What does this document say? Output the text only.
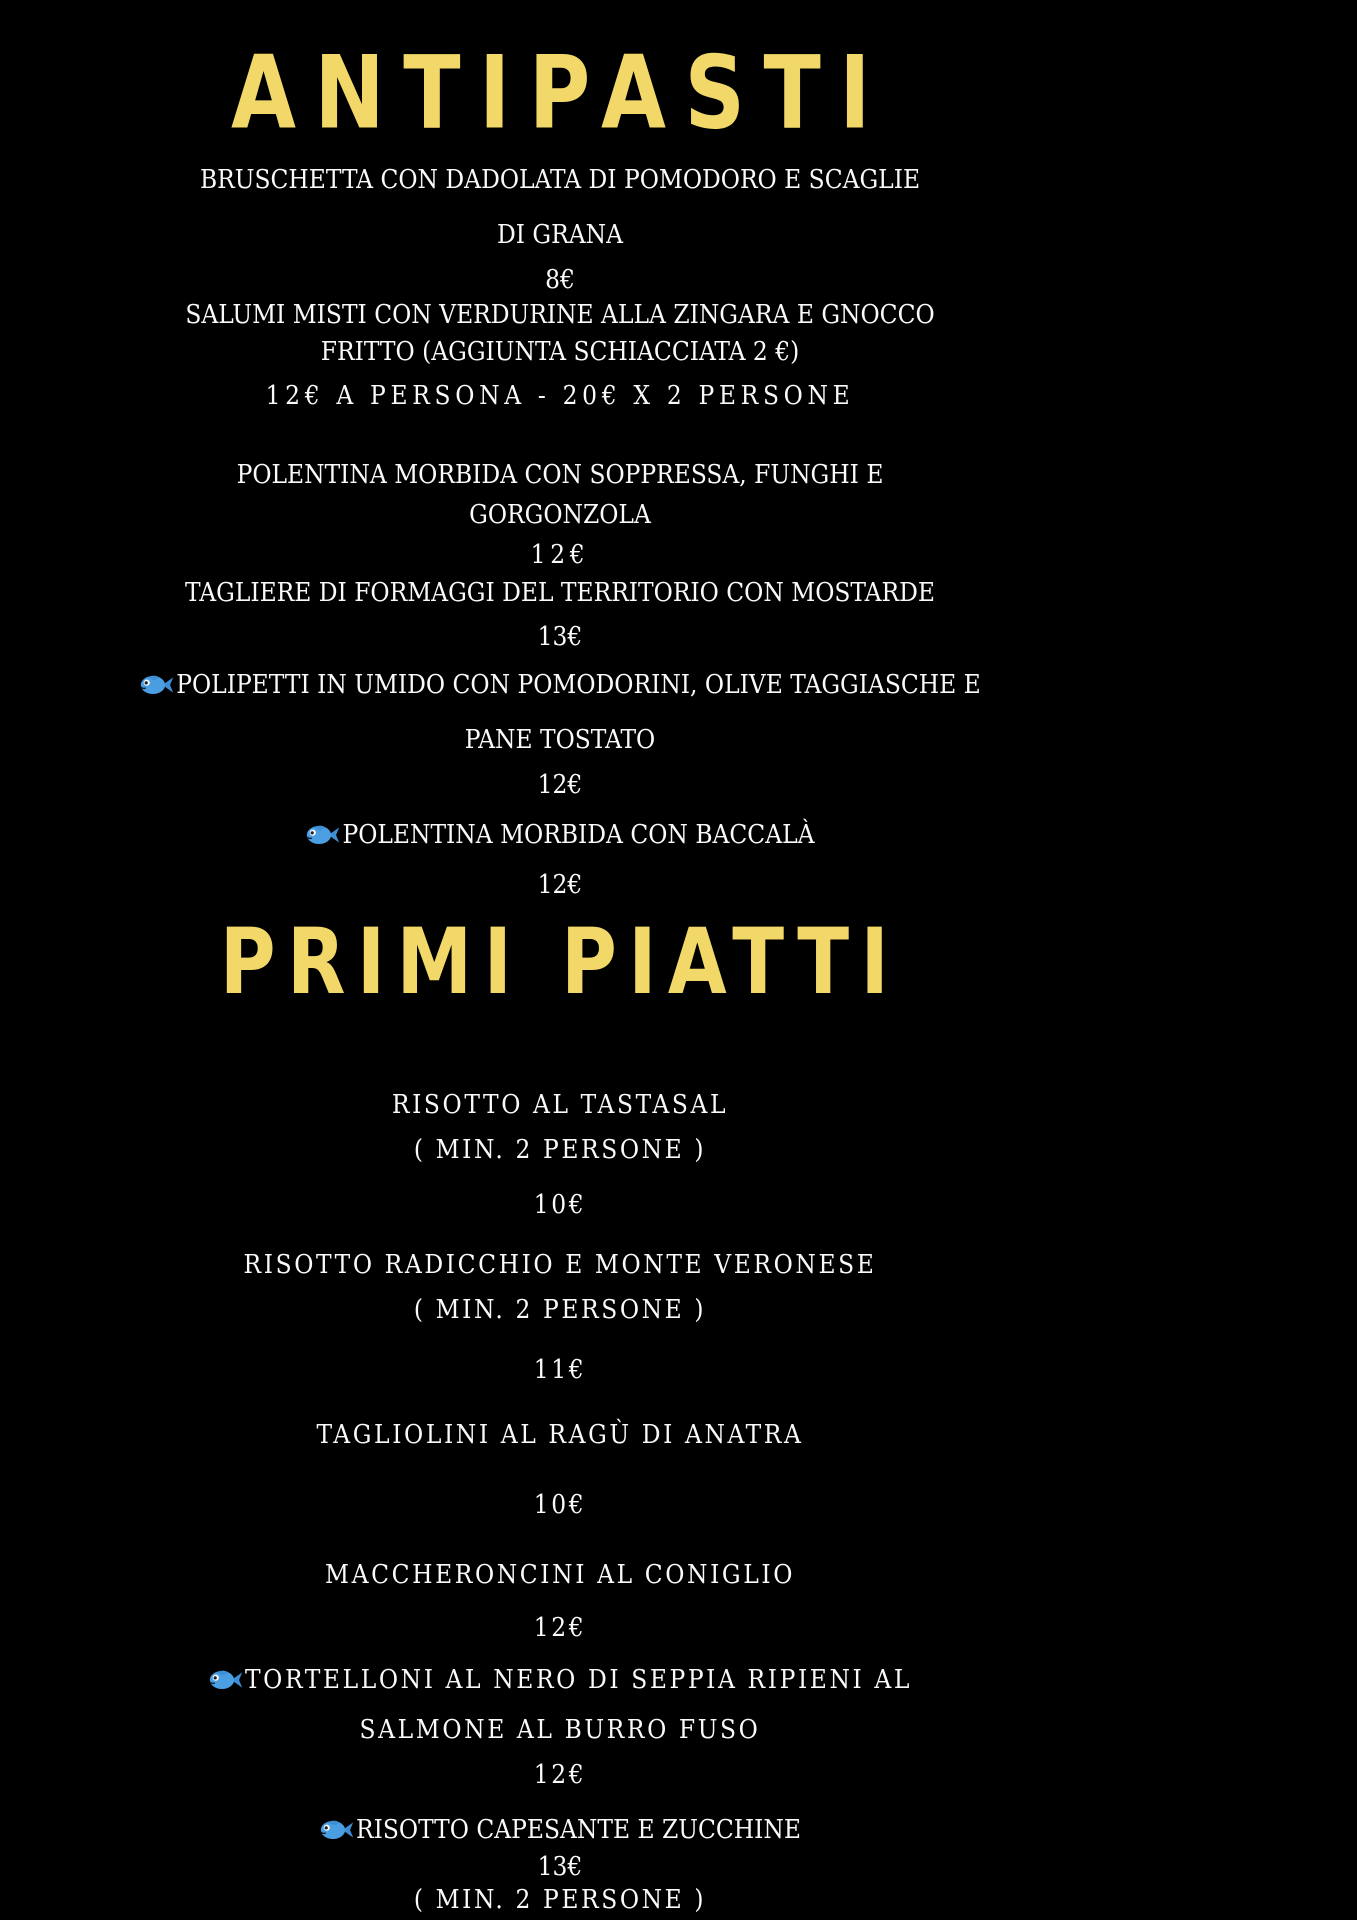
ANTIPASTI
BRUSCHETTA CON DADOLATA DI POMODORO E SCAGLIE
DI GRANA
8€
SALUMI MISTI CON VERDURINE ALLA ZINGARA E GNOCCO
FRITTO (AGGIUNTA SCHIACCIATA 2 €)
12€ A PERSONA - 20€ X 2 PERSONE
POLENTINA MORBIDA CON SOPPRESSA, FUNGHI E
GORGONZOLA
12€
TAGLIERE DI FORMAGGI DEL TERRITORIO CON MOSTARDE
13€
POLIPETTI IN UMIDO CON POMODORINI, OLIVE TAGGIASCHE E
PANE TOSTATO
12€
POLENTINA MORBIDA CON BACCALÀ
12€
PRIMI PIATTI
RISOTTO AL TASTASAL
( MIN. 2 PERSONE )
10€
RISOTTO RADICCHIO E MONTE VERONESE
( MIN. 2 PERSONE )
11€
TAGLIOLINI AL RAGÙ DI ANATRA
10€
MACCHERONCINI AL CONIGLIO
12€
TORTELLONI AL NERO DI SEPPIA RIPIENI AL
SALMONE AL BURRO FUSO
12€
RISOTTO CAPESANTE E ZUCCHINE
13€
( MIN. 2 PERSONE )
